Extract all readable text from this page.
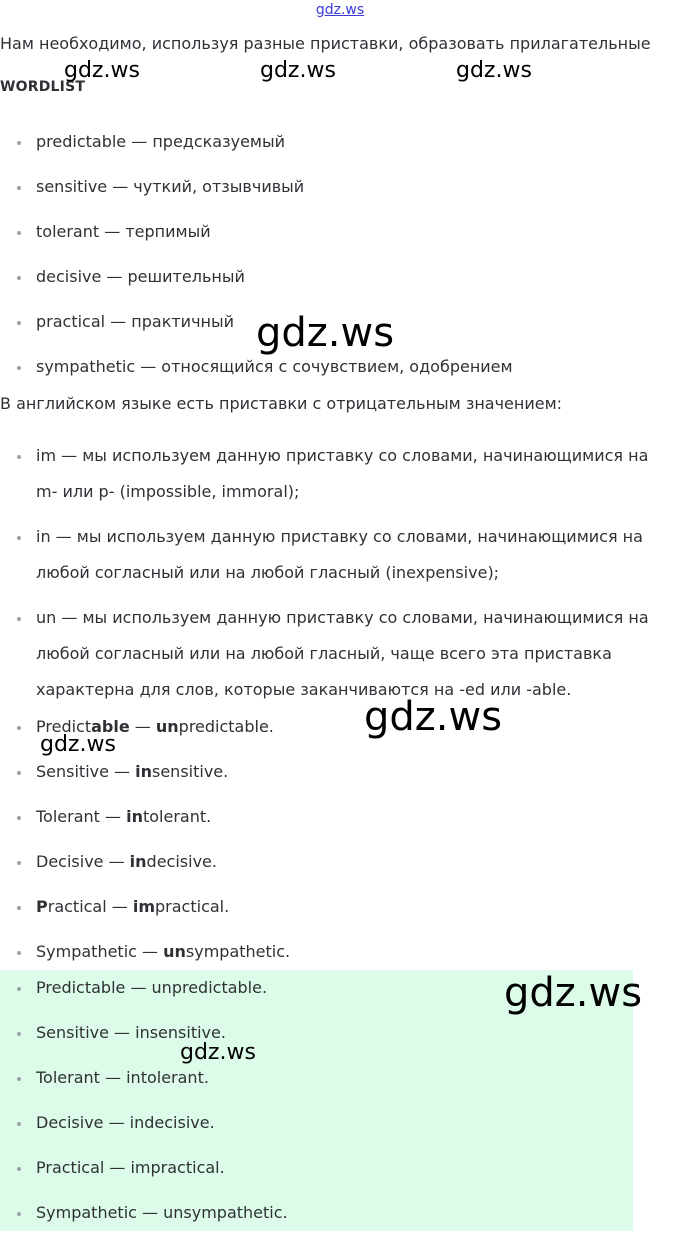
gdz.ws
Нам необходимо, используя разные приставки, образовать прилагательные
WORDLIST
predictable — предсказуемый
sensitive — чуткий, отзывчивый
tolerant — терпимый
decisive — решительный
practical — практичный
sympathetic — относящийся с сочувствием, одобрением
В английском языке есть приставки с отрицательным значением:
im — мы используем данную приставку со словами, начинающимися на m- или p- (impossible, immoral);
in — мы используем данную приставку со словами, начинающимися на любой согласный или на любой гласный (inexpensive);
un — мы используем данную приставку со словами, начинающимися на любой согласный или на любой гласный, чаще всего эта приставка характерна для слов, которые заканчиваются на -ed или -able.
Predictable — unpredictable.
Sensitive — insensitive.
Tolerant — intolerant.
Decisive — indecisive.
Practical — impractical.
Sympathetic — unsympathetic.
Predictable — unpredictable.
Sensitive — insensitive.
Tolerant — intolerant.
Decisive — indecisive.
Practical — impractical.
Sympathetic — unsympathetic.
gdz.ws	gdz.ws	gdz.ws
gdz.ws
gdz.ws
gdz.ws
gdz.ws
gdz.ws
